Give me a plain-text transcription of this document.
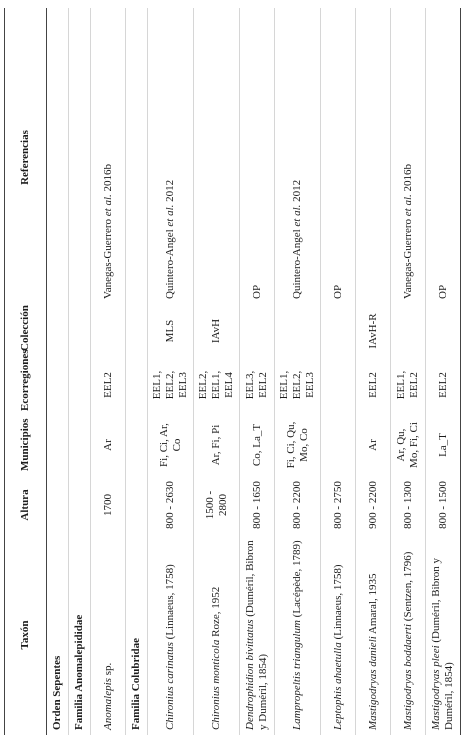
Taxón	Altura	Municipios	Ecorregiones	Colección	Referencias
Orden Sepentes					
Familia Anomalepididae					
Anomalepis sp.	1700	Ar	EEL2		Vanegas-Guerrero et al. 2016b
Familia Colubridae					
Chironius carinatus (Linnaeus, 1758)	800 - 2630	Fi, Ci, Ar, Co	EEL1, EEL2, EEL3	MLS	Quintero-Angel et al. 2012
Chironius monticola Roze, 1952	1500 - 2800	Ar, Fi, Pi	EEL2, EEL1, EEL4	IAvH	
Dendrophidion bivittatus (Duméril, Bibron y Duméril, 1854)	800 - 1650	Co, La_T	EEL3, EEL2		OP
Lampropeltis triangulum (Lacépède, 1789)	800 - 2200	Fi, Ci, Qu, Mo, Co	EEL1, EEL2, EEL3		Quintero-Angel et al. 2012
Leptophis ahaetulla (Linnaeus, 1758)	800 - 2750				OP
Mastigodryas danieli Amaral, 1935	900 - 2200	Ar	EEL2	IAvH-R	
Mastigodryas boddaerti (Sentzen, 1796)	800 - 1300	Ar, Qu, Mo, Fi, Ci	EEL1, EEL2		Vanegas-Guerrero et al. 2016b
Mastigodryas pleei (Duméril, Bibron y Duméril, 1854)	800 - 1500	La_T	EEL2		OP
